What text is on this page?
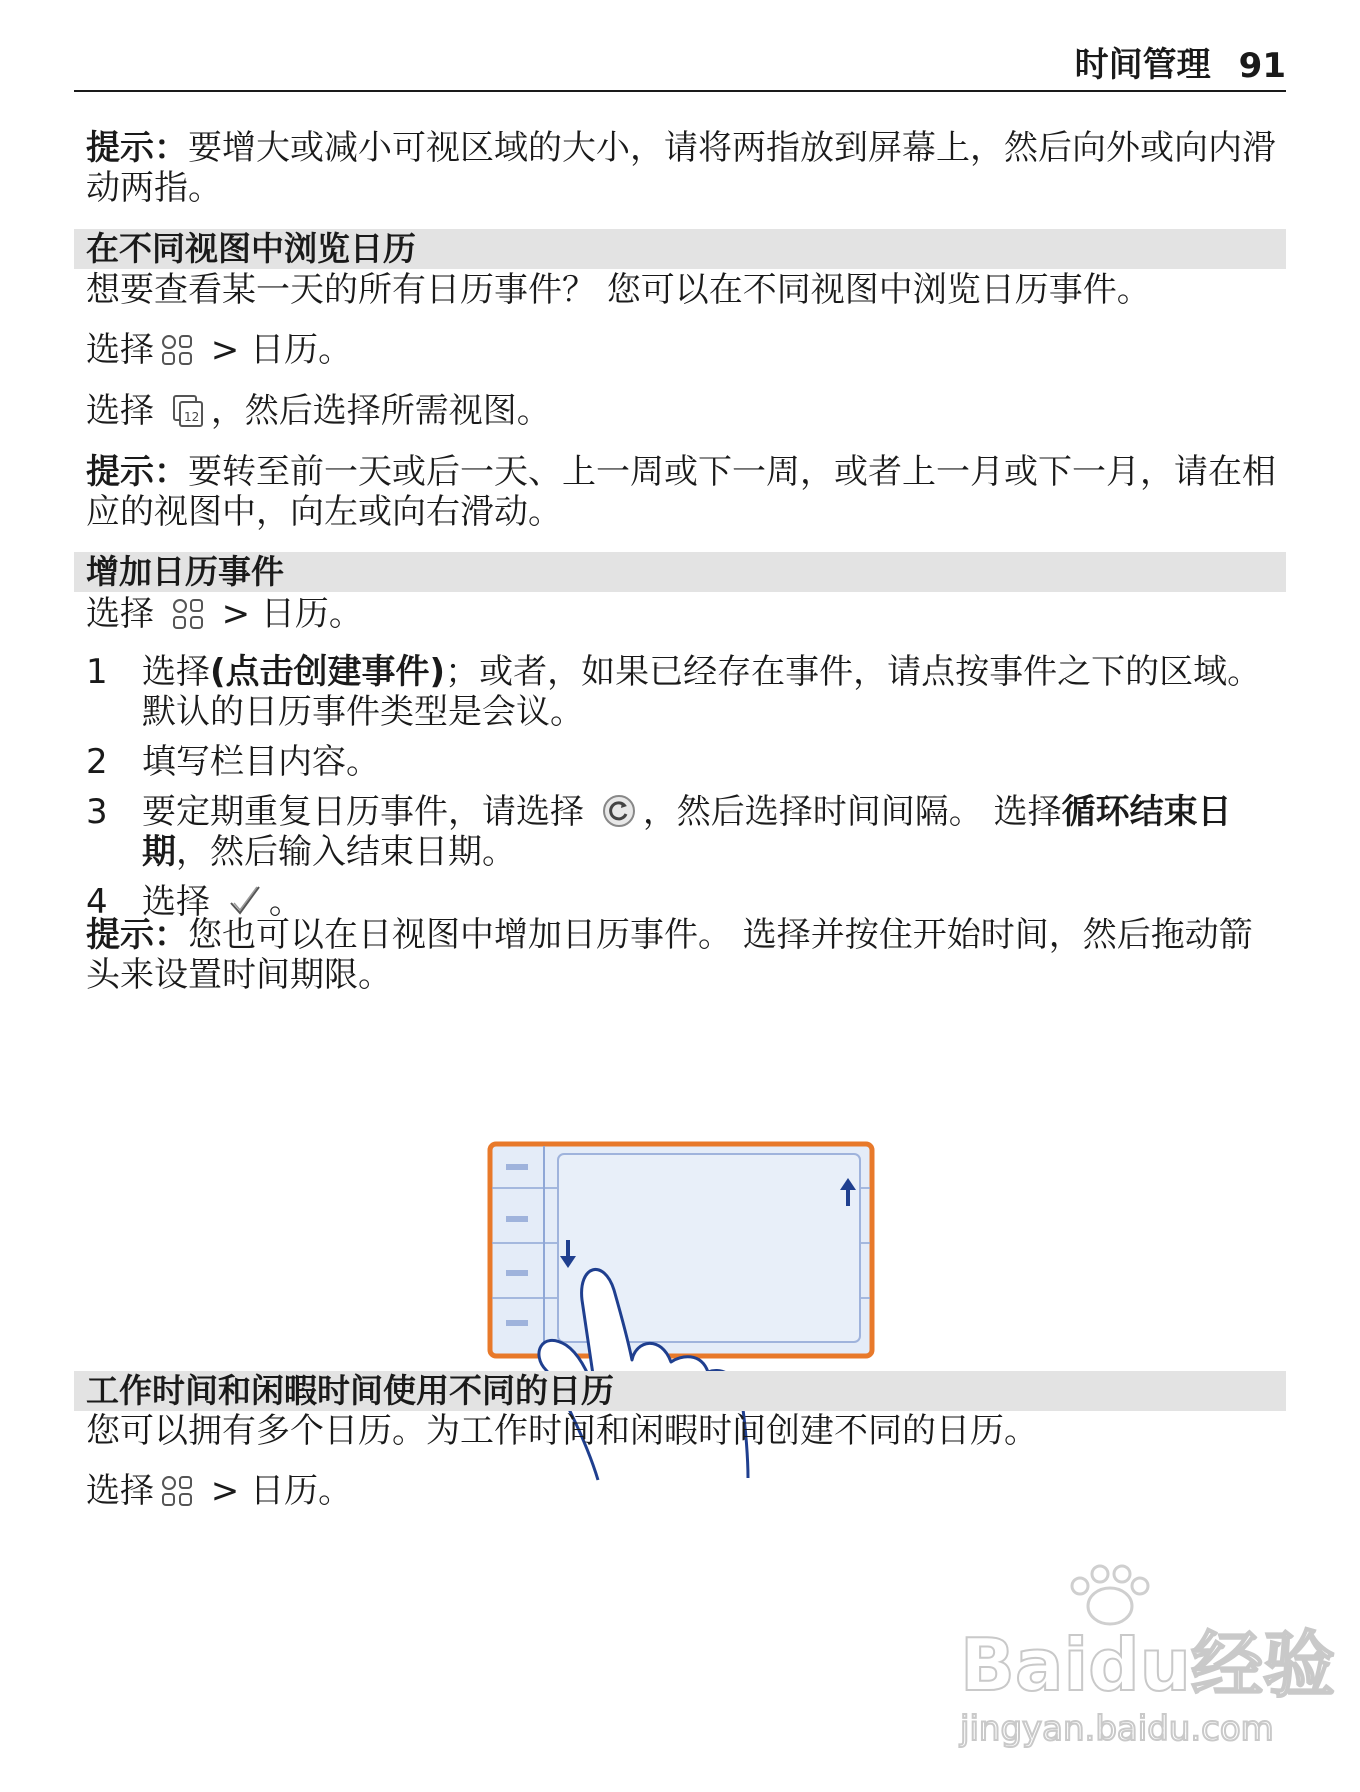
时间管理 91
提示：要增大或减小可视区域的大小，请将两指放到屏幕上，然后向外或向内滑动两指。
在不同视图中浏览日历
想要查看某一天的所有日历事件？ 您可以在不同视图中浏览日历事件。
选择 > 日历。
选择 12 ，然后选择所需视图。
提示：要转至前一天或后一天、上一周或下一周，或者上一月或下一月，请在相应的视图中，向左或向右滑动。
增加日历事件
选择  > 日历。
1	选择(点击创建事件)；或者，如果已经存在事件，请点按事件之下的区域。默认的日历事件类型是会议。
2	填写栏目内容。
3	要定期重复日历事件，请选择 ，然后选择时间间隔。 选择循环结束日期，然后输入结束日期。
4	选择 。
提示：您也可以在日视图中增加日历事件。 选择并按住开始时间，然后拖动箭头来设置时间期限。
工作时间和闲暇时间使用不同的日历
您可以拥有多个日历。为工作时间和闲暇时间创建不同的日历。
选择 > 日历。
Baidu经验
jingyan.baidu.com
